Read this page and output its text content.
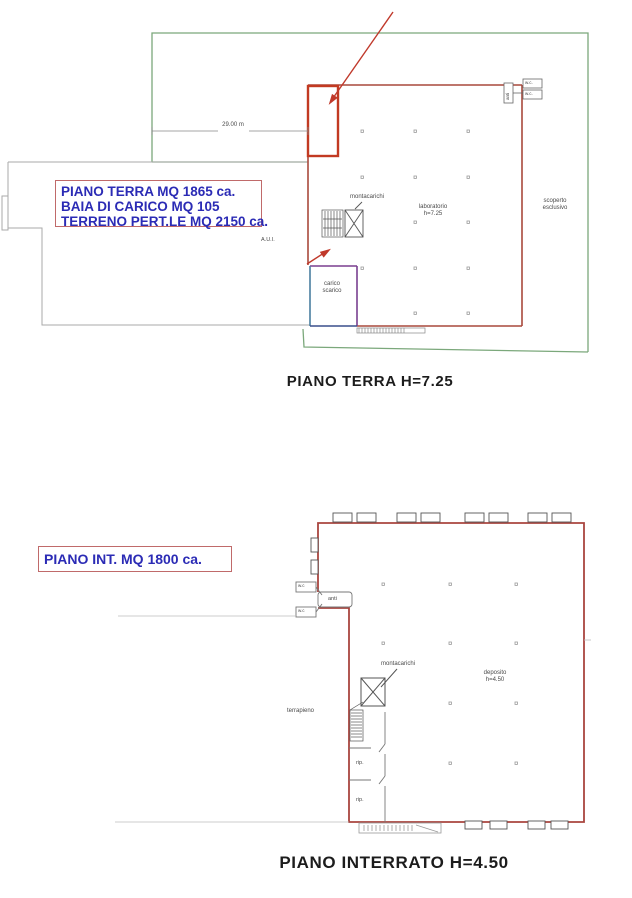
PIANO TERRA MQ 1865 ca.
BAIA DI CARICO MQ 105
TERRENO PERT.LE MQ 2150 ca.
29.00 m
A.U.I.
montacarichi
laboratorio
h=7.25
scoperto
esclusivo
carico
scarico
w.c.
w.c.
anti
PIANO TERRA H=7.25
PIANO INT. MQ 1800 ca.
w.c
w.c
anti
montacarichi
terrapieno
deposito
h=4.50
rip.
rip.
PIANO INTERRATO H=4.50
